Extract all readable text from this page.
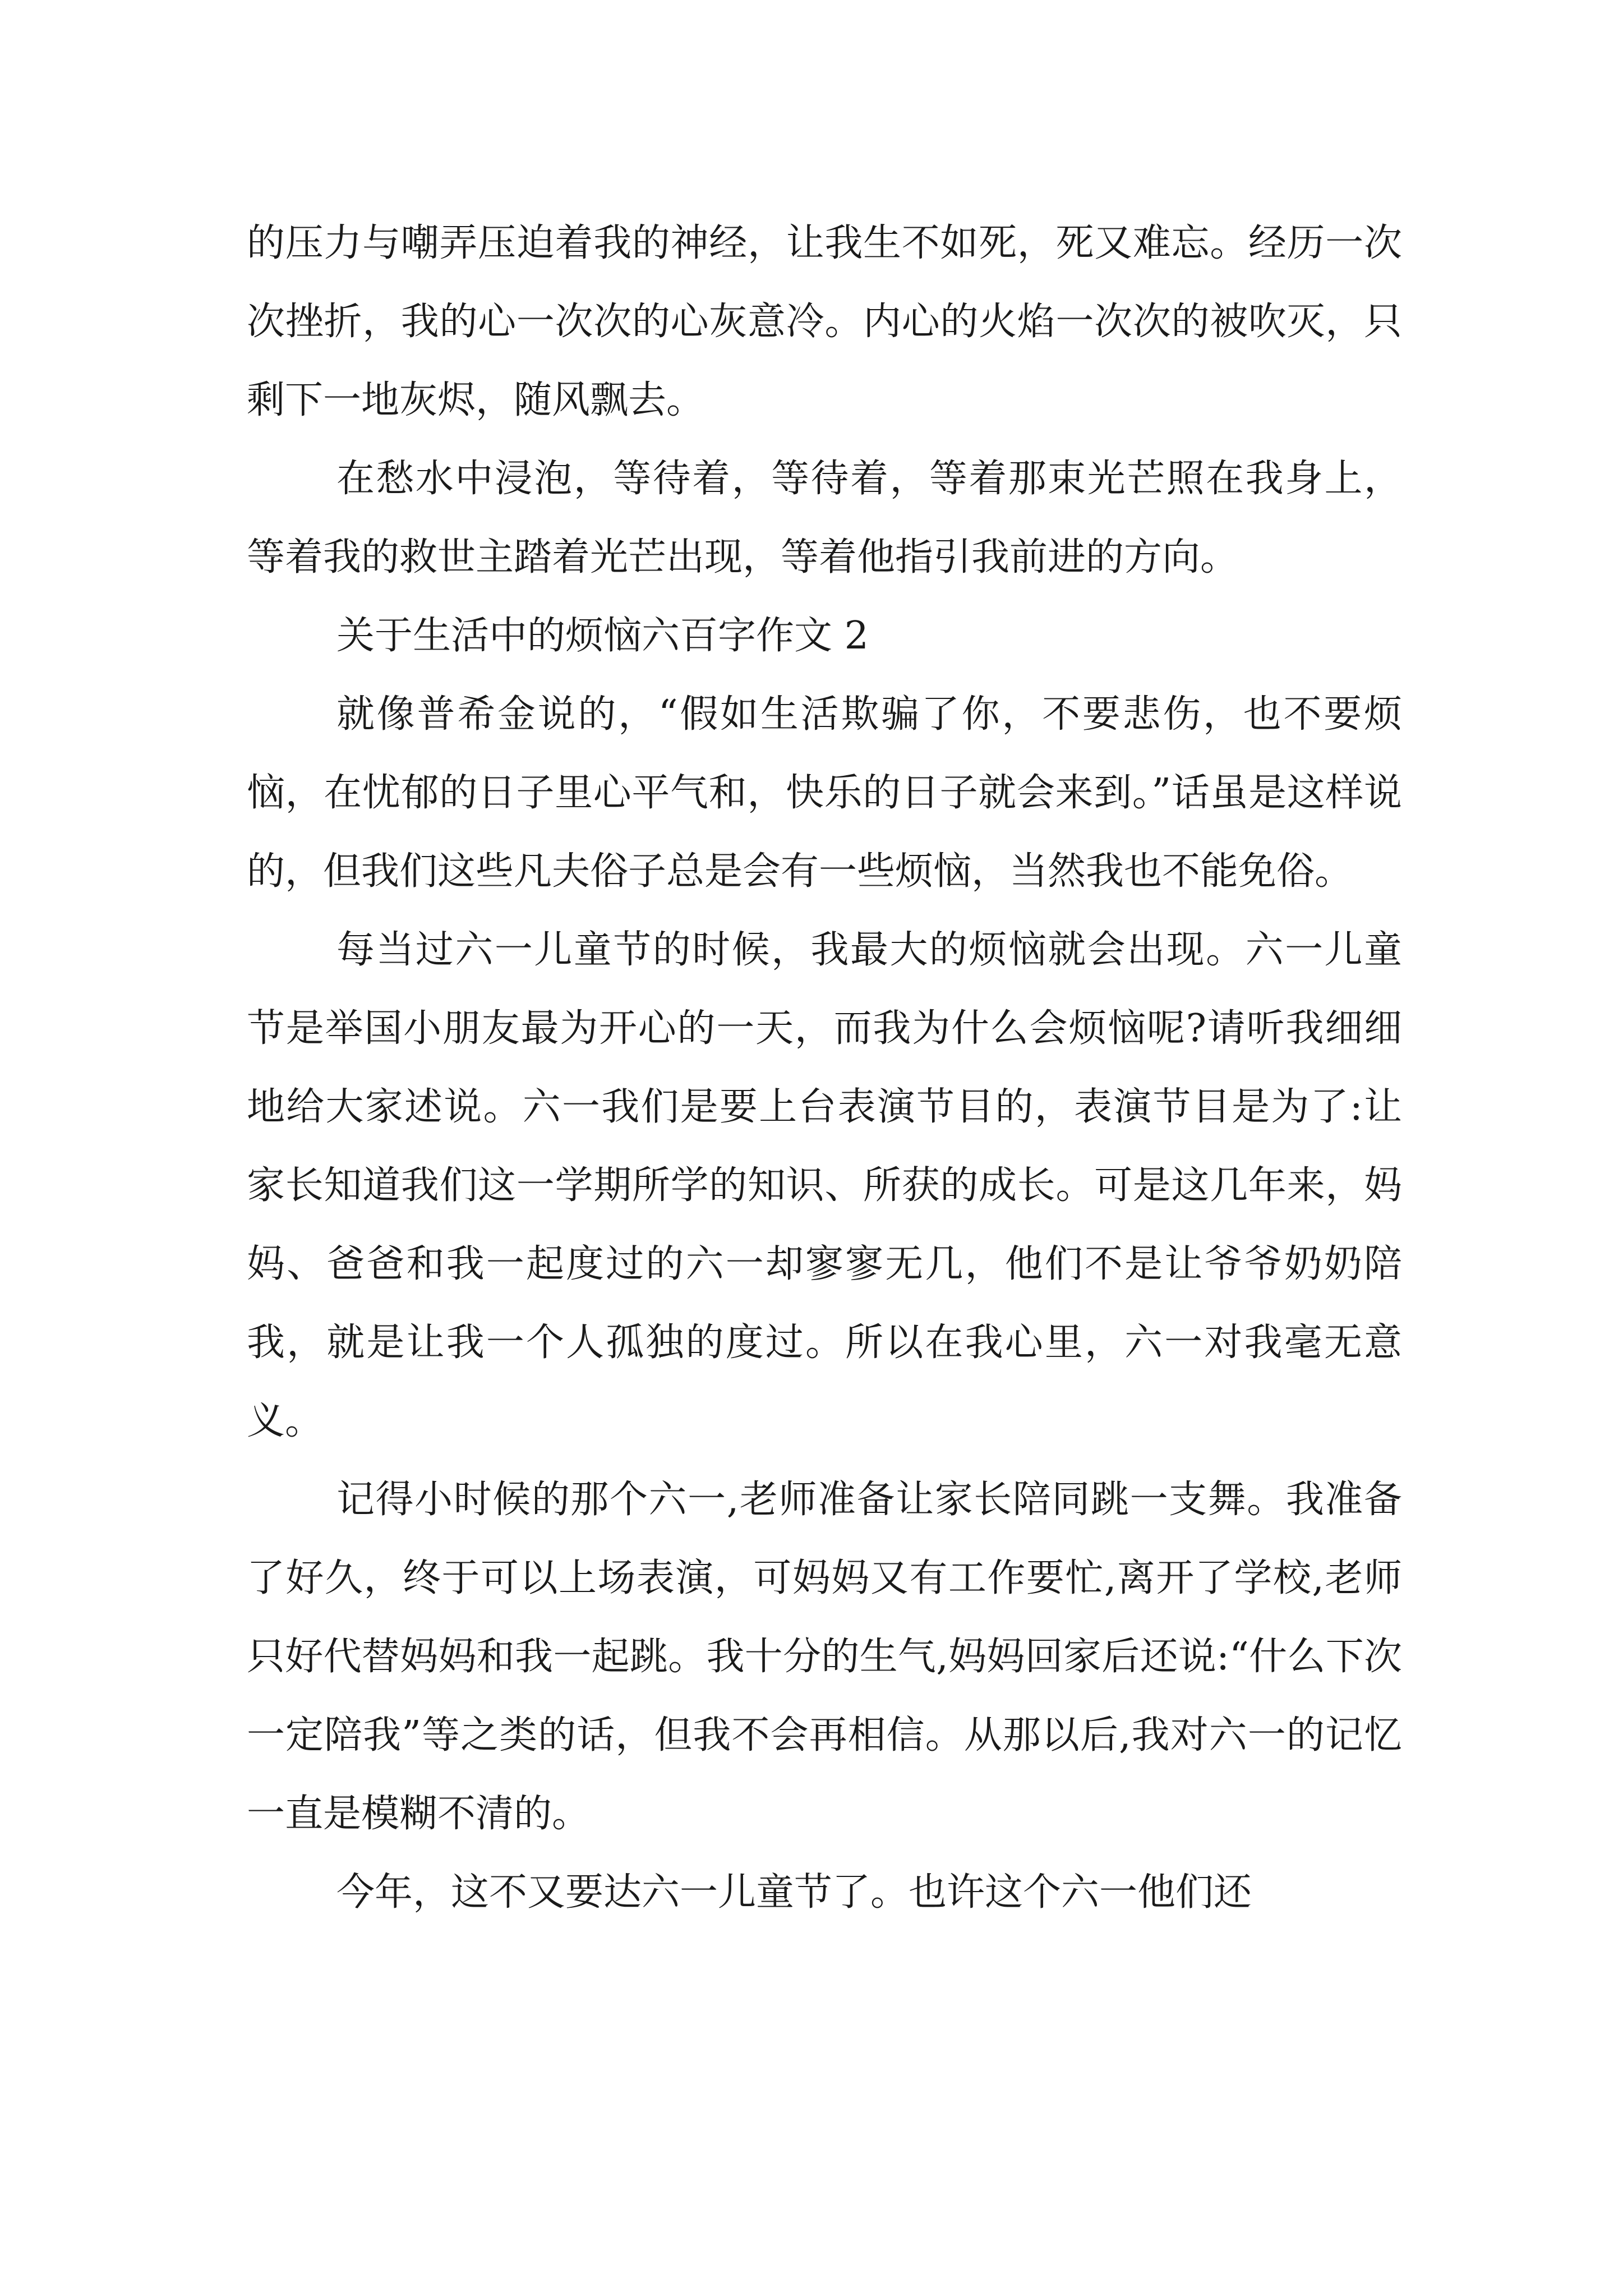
的压力与嘲弄压迫着我的神经，让我生不如死，死又难忘。经历一次次挫折，我的心一次次的心灰意冷。内心的火焰一次次的被吹灭，只剩下一地灰烬，随风飘去。

在愁水中浸泡，等待着，等待着，等着那束光芒照在我身上，等着我的救世主踏着光芒出现，等着他指引我前进的方向。

关于生活中的烦恼六百字作文 2

就像普希金说的，“假如生活欺骗了你，不要悲伤，也不要烦恼，在忧郁的日子里心平气和，快乐的日子就会来到。”话虽是这样说的，但我们这些凡夫俗子总是会有一些烦恼，当然我也不能免俗。

每当过六一儿童节的时候，我最大的烦恼就会出现。六一儿童节是举国小朋友最为开心的一天，而我为什么会烦恼呢?请听我细细地给大家述说。六一我们是要上台表演节目的，表演节目是为了:让家长知道我们这一学期所学的知识、所获的成长。可是这几年来，妈妈、爸爸和我一起度过的六一却寥寥无几，他们不是让爷爷奶奶陪我，就是让我一个人孤独的度过。所以在我心里，六一对我毫无意义。

记得小时候的那个六一,老师准备让家长陪同跳一支舞。我准备了好久，终于可以上场表演，可妈妈又有工作要忙,离开了学校,老师只好代替妈妈和我一起跳。我十分的生气,妈妈回家后还说:“什么下次一定陪我”等之类的话，但我不会再相信。从那以后,我对六一的记忆一直是模糊不清的。

今年，这不又要达六一儿童节了。也许这个六一他们还
